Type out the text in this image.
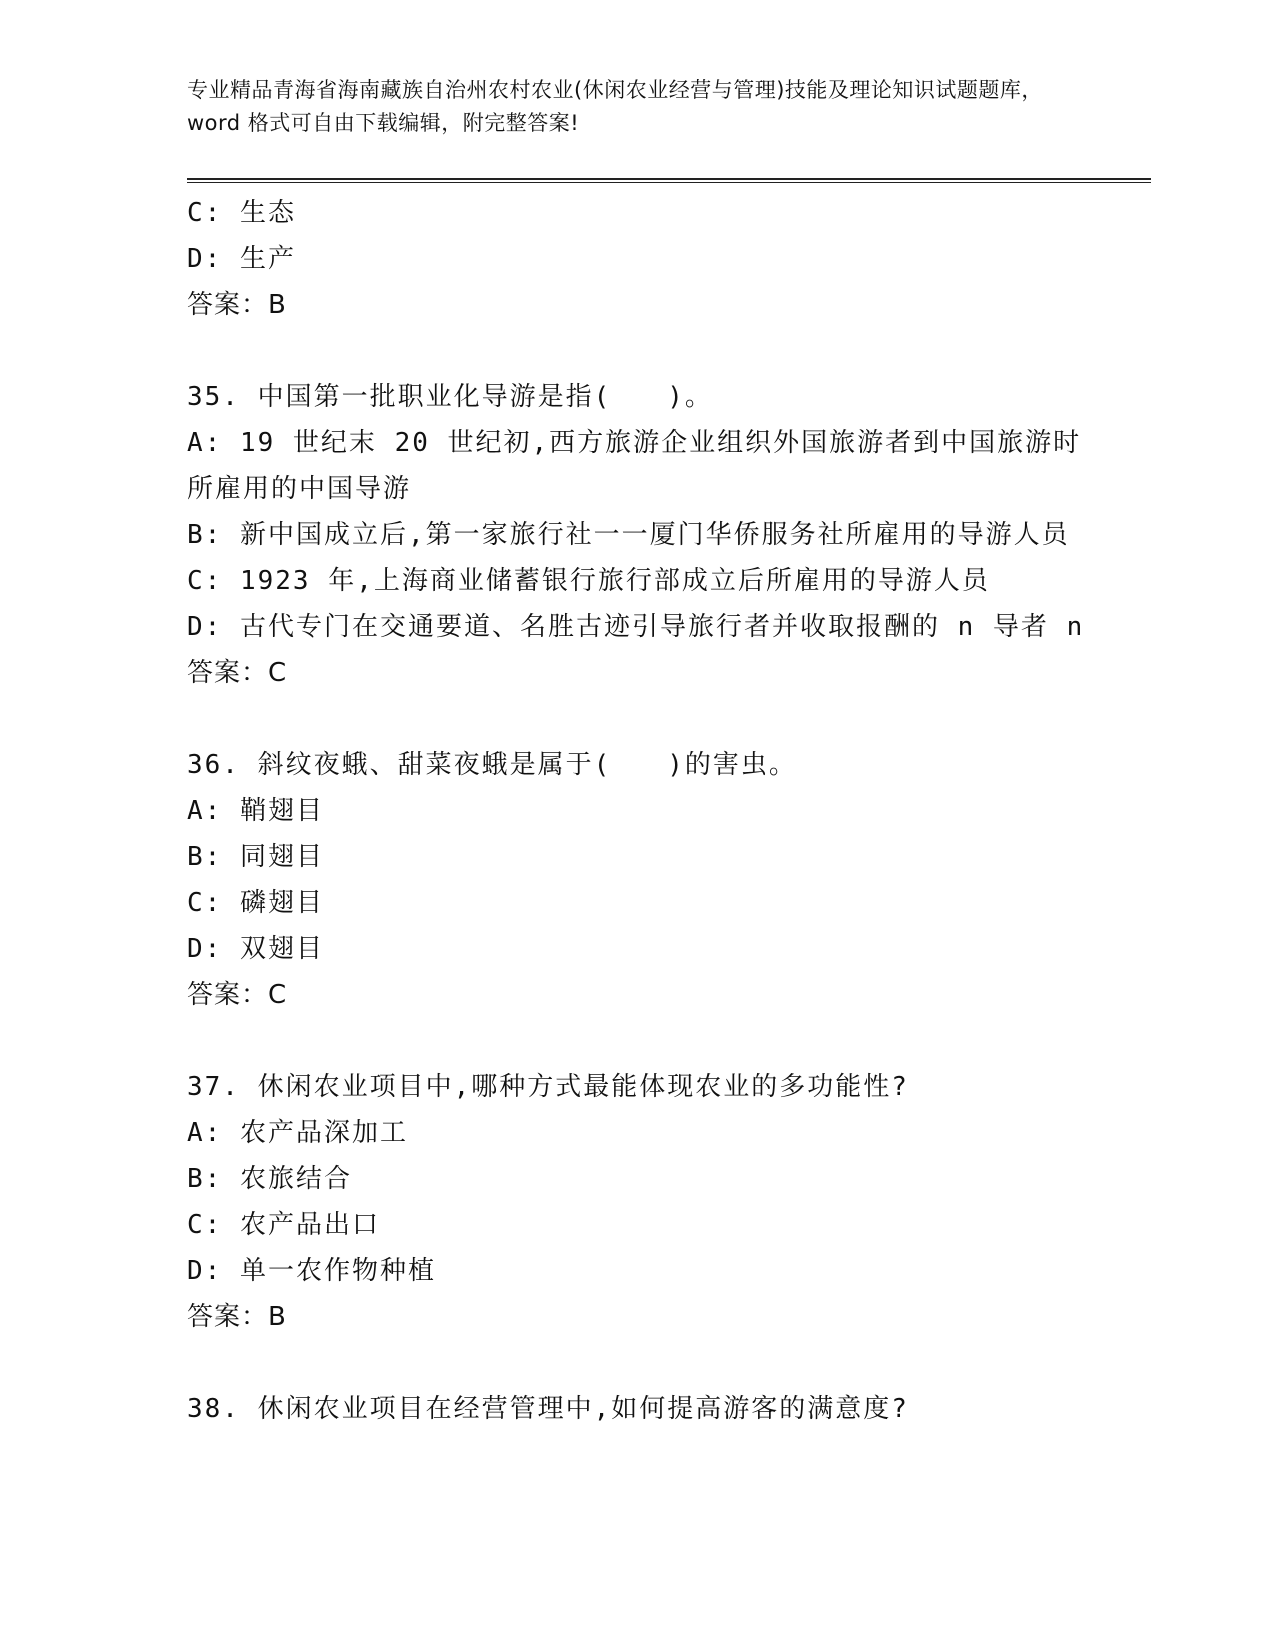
专业精品青海省海南藏族自治州农村农业(休闲农业经营与管理)技能及理论知识试题题库，word 格式可自由下载编辑，附完整答案!

C: 生态

D: 生产

答案：B

35. 中国第一批职业化导游是指(　　)。

A: 19 世纪末 20 世纪初,西方旅游企业组织外国旅游者到中国旅游时所雇用的中国导游

B: 新中国成立后,第一家旅行社一一厦门华侨服务社所雇用的导游人员

C: 1923 年,上海商业储蓄银行旅行部成立后所雇用的导游人员

D: 古代专门在交通要道、名胜古迹引导旅行者并收取报酬的 n 导者 n

答案：C

36. 斜纹夜蛾、甜菜夜蛾是属于(　　)的害虫。

A: 鞘翅目

B: 同翅目

C: 磷翅目

D: 双翅目

答案：C

37. 休闲农业项目中,哪种方式最能体现农业的多功能性?

A: 农产品深加工

B: 农旅结合

C: 农产品出口

D: 单一农作物种植

答案：B

38. 休闲农业项目在经营管理中,如何提高游客的满意度?
